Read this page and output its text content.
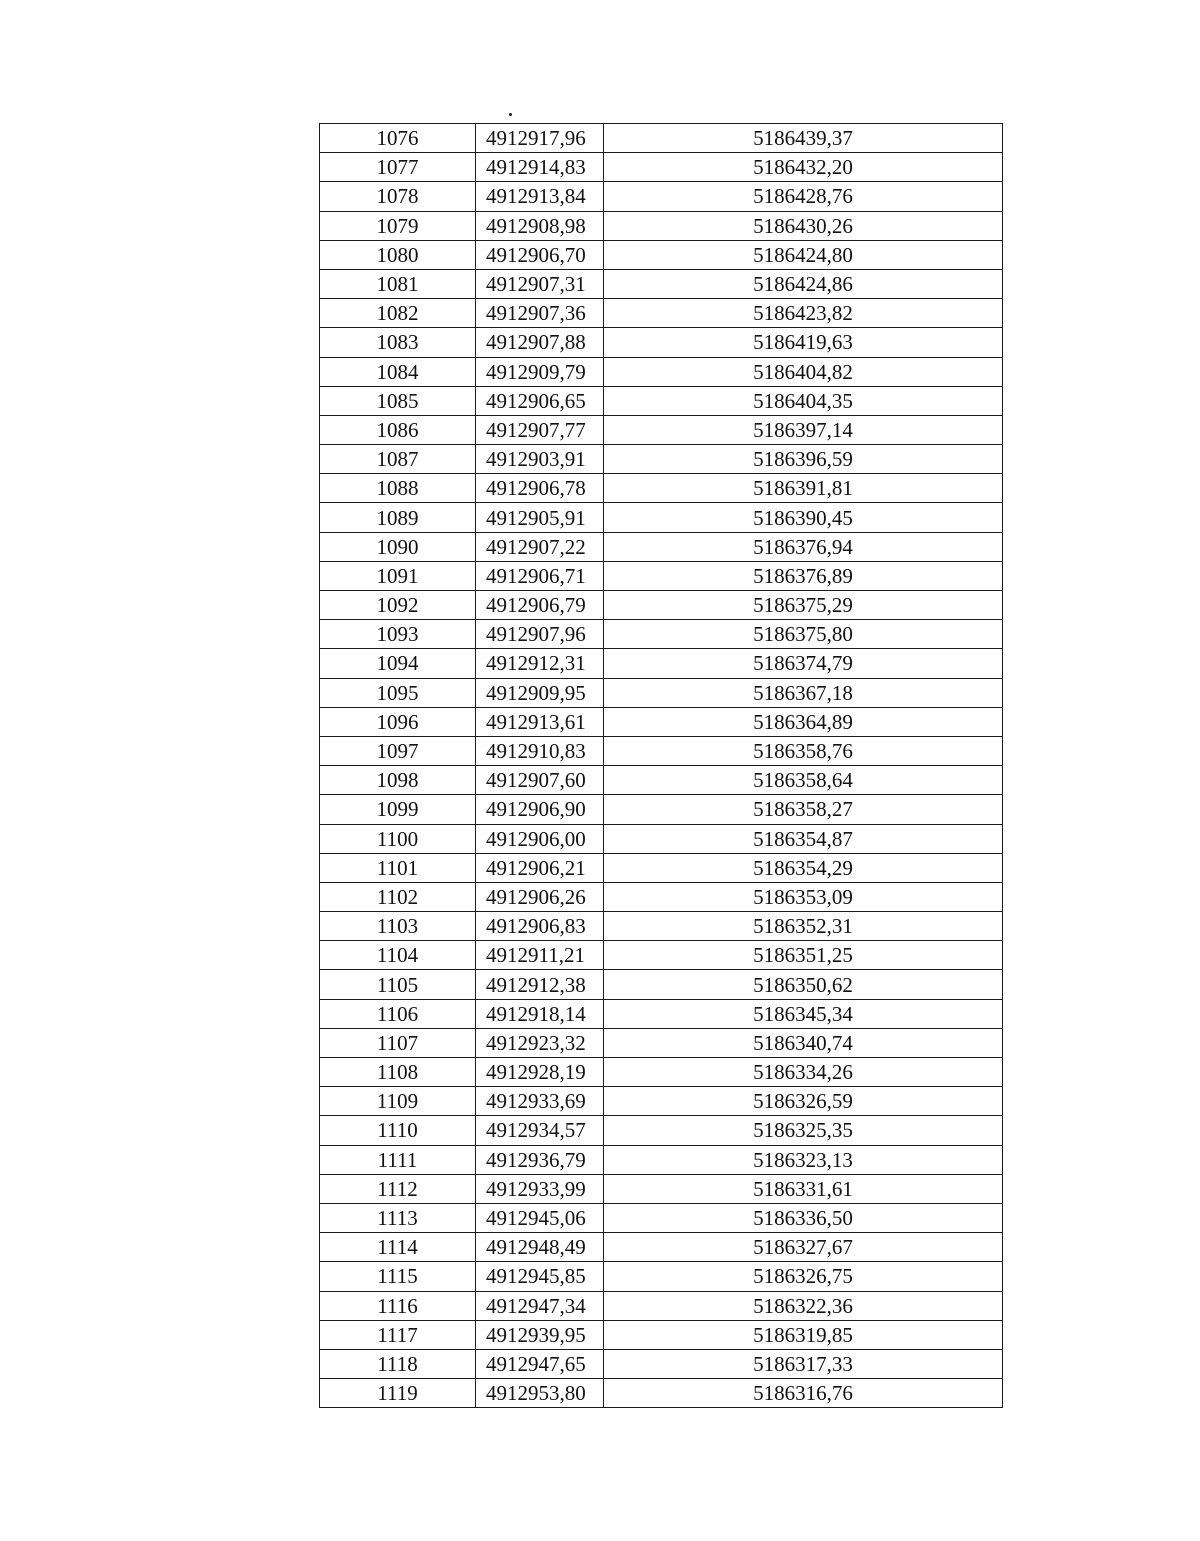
1076	4912917,96	5186439,37
1077	4912914,83	5186432,20
1078	4912913,84	5186428,76
1079	4912908,98	5186430,26
1080	4912906,70	5186424,80
1081	4912907,31	5186424,86
1082	4912907,36	5186423,82
1083	4912907,88	5186419,63
1084	4912909,79	5186404,82
1085	4912906,65	5186404,35
1086	4912907,77	5186397,14
1087	4912903,91	5186396,59
1088	4912906,78	5186391,81
1089	4912905,91	5186390,45
1090	4912907,22	5186376,94
1091	4912906,71	5186376,89
1092	4912906,79	5186375,29
1093	4912907,96	5186375,80
1094	4912912,31	5186374,79
1095	4912909,95	5186367,18
1096	4912913,61	5186364,89
1097	4912910,83	5186358,76
1098	4912907,60	5186358,64
1099	4912906,90	5186358,27
1100	4912906,00	5186354,87
1101	4912906,21	5186354,29
1102	4912906,26	5186353,09
1103	4912906,83	5186352,31
1104	4912911,21	5186351,25
1105	4912912,38	5186350,62
1106	4912918,14	5186345,34
1107	4912923,32	5186340,74
1108	4912928,19	5186334,26
1109	4912933,69	5186326,59
1110	4912934,57	5186325,35
1111	4912936,79	5186323,13
1112	4912933,99	5186331,61
1113	4912945,06	5186336,50
1114	4912948,49	5186327,67
1115	4912945,85	5186326,75
1116	4912947,34	5186322,36
1117	4912939,95	5186319,85
1118	4912947,65	5186317,33
1119	4912953,80	5186316,76
